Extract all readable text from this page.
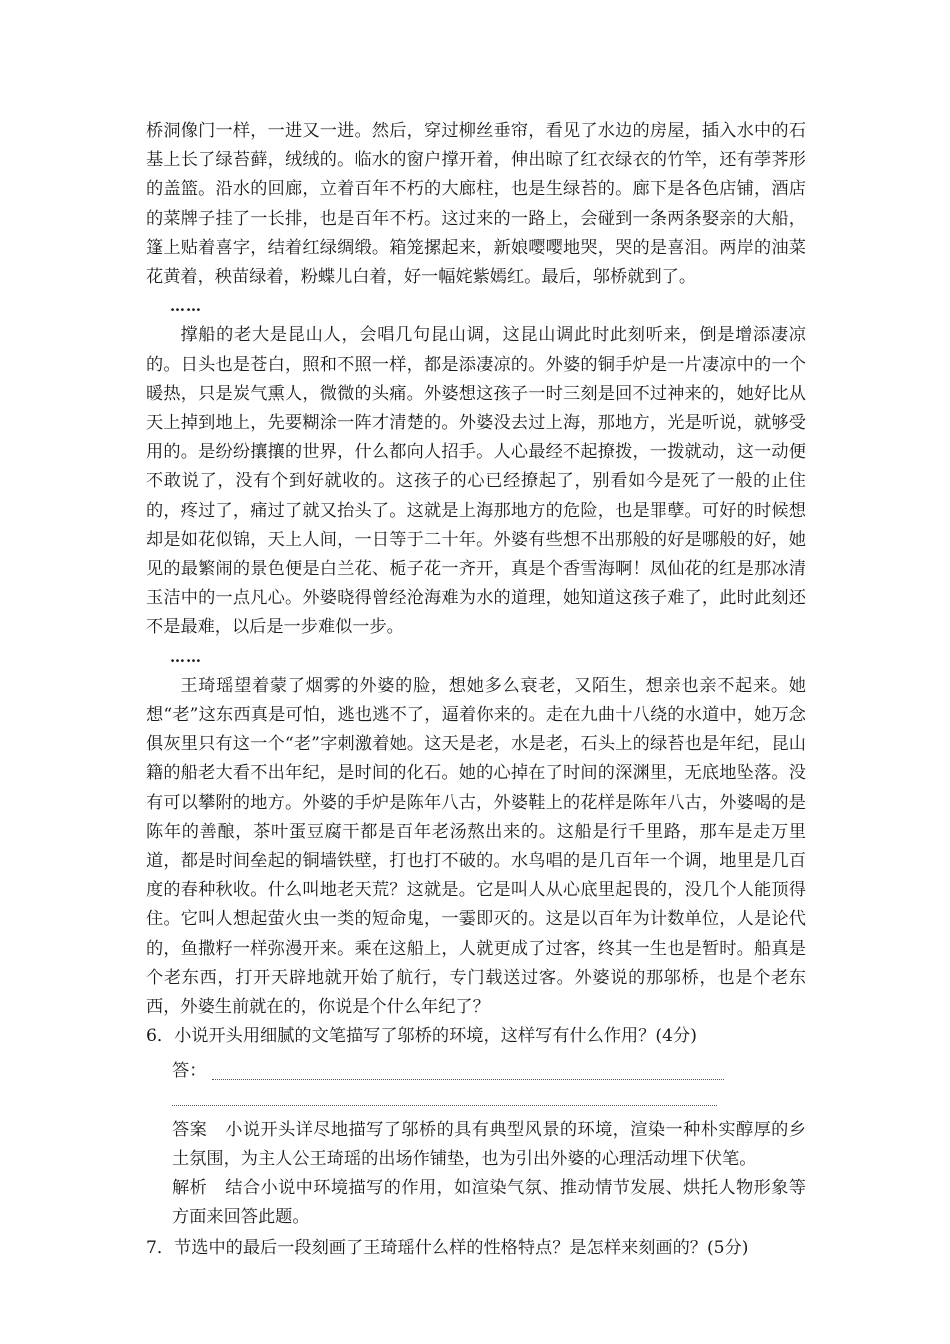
桥洞像门一样，一进又一进。然后，穿过柳丝垂帘，看见了水边的房屋，插入水中的石基上长了绿苔藓，绒绒的。临水的窗户撑开着，伸出晾了红衣绿衣的竹竿，还有荸荠形的盖篮。沿水的回廊，立着百年不朽的大廊柱，也是生绿苔的。廊下是各色店铺，酒店的菜牌子挂了一长排，也是百年不朽。这过来的一路上，会碰到一条两条娶亲的大船，篷上贴着喜字，结着红绿绸缎。箱笼摞起来，新娘嘤嘤地哭，哭的是喜泪。两岸的油菜花黄着，秧苗绿着，粉蝶儿白着，好一幅姹紫嫣红。最后，邬桥就到了。

……

撑船的老大是昆山人，会唱几句昆山调，这昆山调此时此刻听来，倒是增添凄凉的。日头也是苍白，照和不照一样，都是添凄凉的。外婆的铜手炉是一片凄凉中的一个暖热，只是炭气熏人，微微的头痛。外婆想这孩子一时三刻是回不过神来的，她好比从天上掉到地上，先要糊涂一阵才清楚的。外婆没去过上海，那地方，光是听说，就够受用的。是纷纷攘攘的世界，什么都向人招手。人心最经不起撩拨，一拨就动，这一动便不敢说了，没有个到好就收的。这孩子的心已经撩起了，别看如今是死了一般的止住的，疼过了，痛过了就又抬头了。这就是上海那地方的危险，也是罪孽。可好的时候想却是如花似锦，天上人间，一日等于二十年。外婆有些想不出那般的好是哪般的好，她见的最繁闹的景色便是白兰花、栀子花一齐开，真是个香雪海啊！凤仙花的红是那冰清玉洁中的一点凡心。外婆晓得曾经沧海难为水的道理，她知道这孩子难了，此时此刻还不是最难，以后是一步难似一步。

……

王琦瑶望着蒙了烟雾的外婆的脸，想她多么衰老，又陌生，想亲也亲不起来。她想“老”这东西真是可怕，逃也逃不了，逼着你来的。走在九曲十八绕的水道中，她万念俱灰里只有这一个“老”字刺激着她。这天是老，水是老，石头上的绿苔也是年纪，昆山籍的船老大看不出年纪，是时间的化石。她的心掉在了时间的深渊里，无底地坠落。没有可以攀附的地方。外婆的手炉是陈年八古，外婆鞋上的花样是陈年八古，外婆喝的是陈年的善酿，茶叶蛋豆腐干都是百年老汤熬出来的。这船是行千里路，那车是走万里道，都是时间垒起的铜墙铁壁，打也打不破的。水鸟唱的是几百年一个调，地里是几百度的春种秋收。什么叫地老天荒？这就是。它是叫人从心底里起畏的，没几个人能顶得住。它叫人想起萤火虫一类的短命鬼，一霎即灭的。这是以百年为计数单位，人是论代的，鱼撒籽一样弥漫开来。乘在这船上，人就更成了过客，终其一生也是暂时。船真是个老东西，打开天辟地就开始了航行，专门载送过客。外婆说的那邬桥，也是个老东西，外婆生前就在的，你说是个什么年纪了？

6．小说开头用细腻的文笔描写了邬桥的环境，这样写有什么作用？(4分)

答：
答案 小说开头详尽地描写了邬桥的具有典型风景的环境，渲染一种朴实醇厚的乡土氛围，为主人公王琦瑶的出场作铺垫，也为引出外婆的心理活动埋下伏笔。
解析 结合小说中环境描写的作用，如渲染气氛、推动情节发展、烘托人物形象等方面来回答此题。

7．节选中的最后一段刻画了王琦瑶什么样的性格特点？是怎样来刻画的？(5分)
